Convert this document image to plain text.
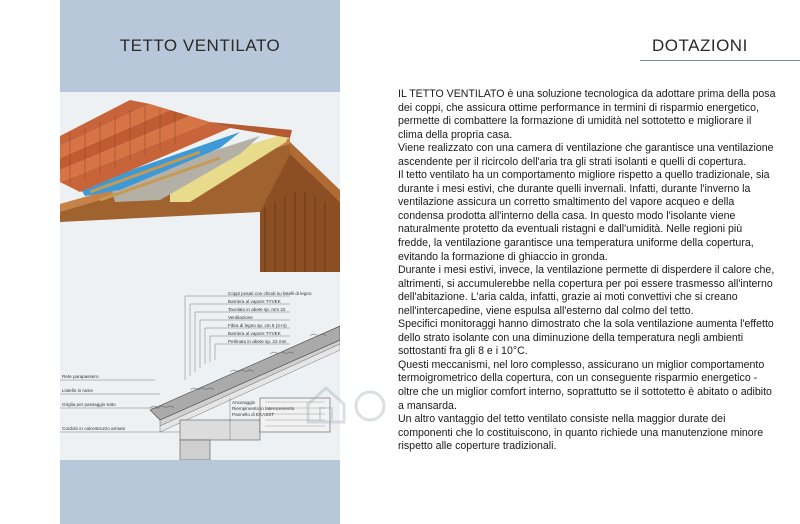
TETTO VENTILATO
Coppi posati con chiodi su listelli di legno
Barriera al vapore TYVEK
Tavolato in abete sp. mm 22
Ventilazione
Fibra di legno sp. cm 8 (4+4)
Barriera al vapore TYVEK
Perlinato in abete sp. 22 mm
Rete parapassero
Listello in rame
Griglia per passaggio tutto
Cordolo in calcestruzzo armato
Ancoraggio
Riempimento in laterocemento
Pannello di EKASST
DOTAZIONI

IL TETTO VENTILATO è una soluzione tecnologica da adottare prima della posa dei coppi, che assicura ottime performance in termini di risparmio energetico, permette di combattere la formazione di umidità nel sottotetto e migliorare il clima della propria casa.

Viene realizzato con una camera di ventilazione che garantisce una ventilazione ascendente per il ricircolo dell'aria tra gli strati isolanti e quelli di copertura.

Il tetto ventilato ha un comportamento migliore rispetto a quello tradizionale, sia durante i mesi estivi, che durante quelli invernali. Infatti, durante l'inverno la ventilazione assicura un corretto smaltimento del vapore acqueo e della condensa prodotta all'interno della casa. In questo modo l'isolante viene naturalmente protetto da eventuali ristagni e dall'umidità. Nelle regioni più fredde, la ventilazione garantisce una temperatura uniforme della copertura, evitando la formazione di ghiaccio in gronda.

Durante i mesi estivi, invece, la ventilazione permette di disperdere il calore che, altrimenti, si accumulerebbe nella copertura per poi essere trasmesso all'interno dell'abitazione. L'aria calda, infatti, grazie ai moti convettivi che si creano nell'intercapedine, viene espulsa all'esterno dal colmo del tetto.

Specifici monitoraggi hanno dimostrato che la sola ventilazione aumenta l'effetto dello strato isolante con una diminuzione della temperatura negli ambienti sottostanti fra gli 8 e i 10°C.

Questi meccanismi, nel loro complesso, assicurano un miglior comportamento termoigrometrico della copertura, con un conseguente risparmio energetico - oltre che un miglior comfort interno, soprattutto se il sottotetto è abitato o adibito a mansarda.

Un altro vantaggio del tetto ventilato consiste nella maggior durate dei componenti che lo costituiscono, in quanto richiede una manutenzione minore rispetto alle coperture tradizionali.
